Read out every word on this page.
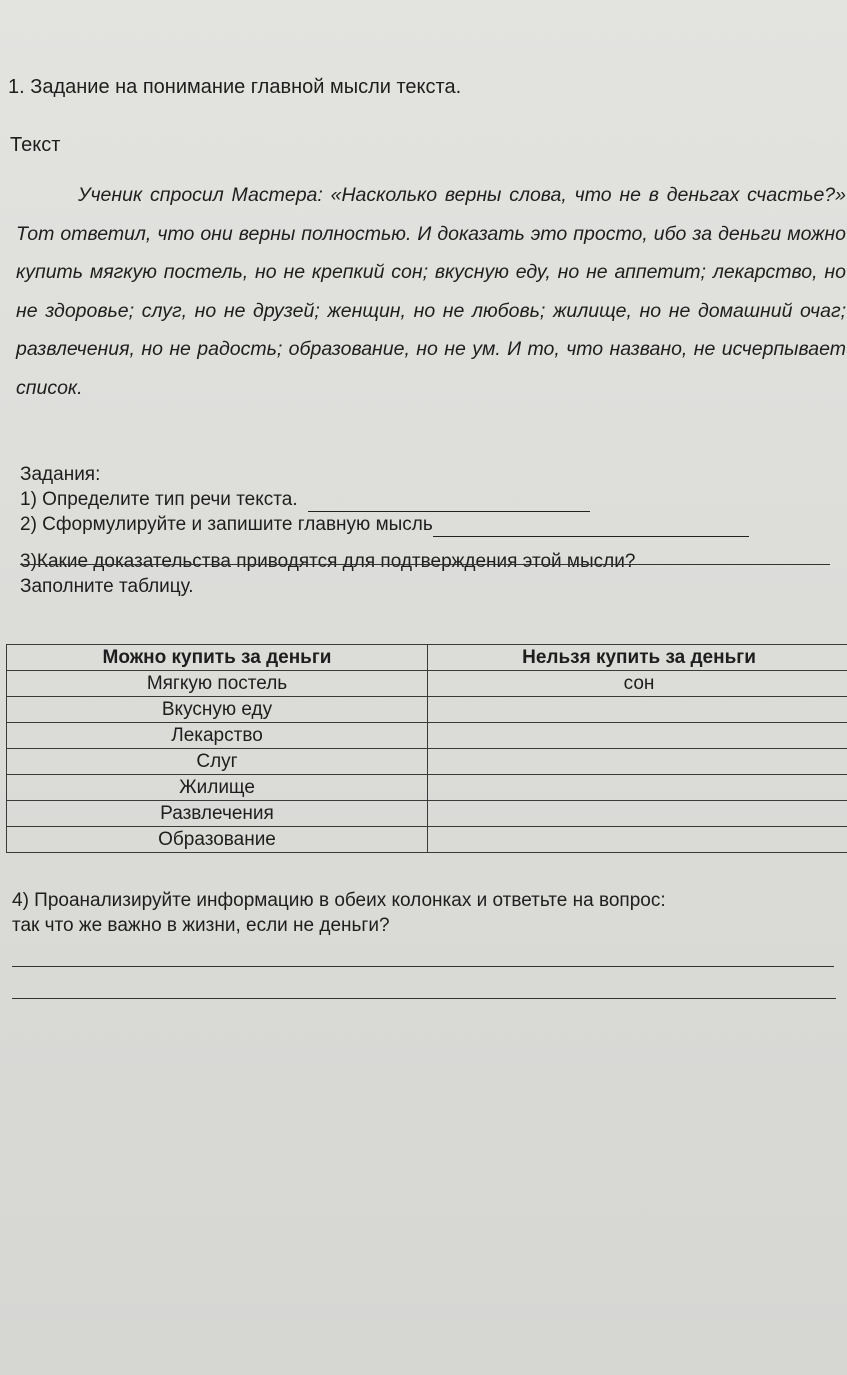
1. Задание на понимание главной мысли текста.
Текст

Ученик спросил Мастера: «Насколько верны слова, что не в деньгах счастье?» Тот ответил, что они верны полностью. И доказать это просто, ибо за деньги можно купить мягкую постель, но не крепкий сон; вкусную еду, но не аппетит; лекарство, но не здоровье; слуг, но не друзей; женщин, но не любовь; жилище, но не домашний очаг; развлечения, но не радость; образование, но не ум. И то, что названо, не исчерпывает список.

Задания:
1) Определите тип речи текста.
2) Сформулируйте и запишите главную мысль
3)Какие доказательства приводятся для подтверждения этой мысли?
Заполните таблицу.
Можно купить за деньги	Нельзя купить за деньги
Мягкую постель	сон
Вкусную еду	
Лекарство	
Слуг	
Жилище	
Развлечения	
Образование	
4) Проанализируйте информацию в обеих колонках и ответьте на вопрос:
так что же важно в жизни, если не деньги?
